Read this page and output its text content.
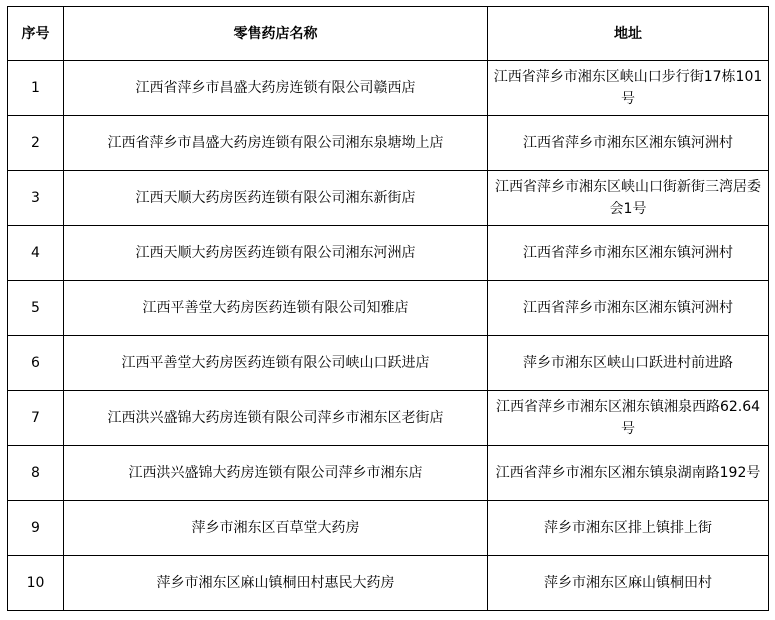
序号	零售药店名称	地址
1	江西省萍乡市昌盛大药房连锁有限公司赣西店	江西省萍乡市湘东区峡山口步行街17栋101号
2	江西省萍乡市昌盛大药房连锁有限公司湘东泉塘坳上店	江西省萍乡市湘东区湘东镇河洲村
3	江西天顺大药房医药连锁有限公司湘东新街店	江西省萍乡市湘东区峡山口街新街三湾居委会1号
4	江西天顺大药房医药连锁有限公司湘东河洲店	江西省萍乡市湘东区湘东镇河洲村
5	江西平善堂大药房医药连锁有限公司知雅店	江西省萍乡市湘东区湘东镇河洲村
6	江西平善堂大药房医药连锁有限公司峡山口跃进店	萍乡市湘东区峡山口跃进村前进路
7	江西洪兴盛锦大药房连锁有限公司萍乡市湘东区老街店	江西省萍乡市湘东区湘东镇湘泉西路62.64号
8	江西洪兴盛锦大药房连锁有限公司萍乡市湘东店	江西省萍乡市湘东区湘东镇泉湖南路192号
9	萍乡市湘东区百草堂大药房	萍乡市湘东区排上镇排上街
10	萍乡市湘东区麻山镇桐田村惠民大药房	萍乡市湘东区麻山镇桐田村
